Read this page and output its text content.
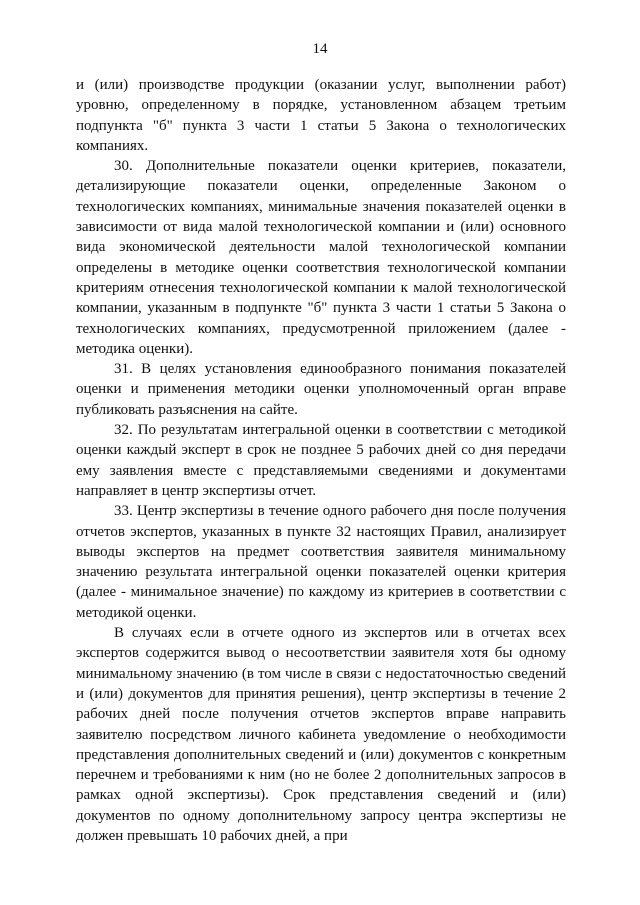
14

и (или) производстве продукции (оказании услуг, выполнении работ) уровню, определенному в порядке, установленном абзацем третьим подпункта "б" пункта 3 части 1 статьи 5 Закона о технологических компаниях.

30. Дополнительные показатели оценки критериев, показатели, детализирующие показатели оценки, определенные Законом о технологических компаниях, минимальные значения показателей оценки в зависимости от вида малой технологической компании и (или) основного вида экономической деятельности малой технологической компании определены в методике оценки соответствия технологической компании критериям отнесения технологической компании к малой технологической компании, указанным в подпункте "б" пункта 3 части 1 статьи 5 Закона о технологических компаниях, предусмотренной приложением (далее - методика оценки).

31. В целях установления единообразного понимания показателей оценки и применения методики оценки уполномоченный орган вправе публиковать разъяснения на сайте.

32. По результатам интегральной оценки в соответствии с методикой оценки каждый эксперт в срок не позднее 5 рабочих дней со дня передачи ему заявления вместе с представляемыми сведениями и документами направляет в центр экспертизы отчет.

33. Центр экспертизы в течение одного рабочего дня после получения отчетов экспертов, указанных в пункте 32 настоящих Правил, анализирует выводы экспертов на предмет соответствия заявителя минимальному значению результата интегральной оценки показателей оценки критерия (далее - минимальное значение) по каждому из критериев в соответствии с методикой оценки.

В случаях если в отчете одного из экспертов или в отчетах всех экспертов содержится вывод о несоответствии заявителя хотя бы одному минимальному значению (в том числе в связи с недостаточностью сведений и (или) документов для принятия решения), центр экспертизы в течение 2 рабочих дней после получения отчетов экспертов вправе направить заявителю посредством личного кабинета уведомление о необходимости представления дополнительных сведений и (или) документов с конкретным перечнем и требованиями к ним (но не более 2 дополнительных запросов в рамках одной экспертизы). Срок представления сведений и (или) документов по одному дополнительному запросу центра экспертизы не должен превышать 10 рабочих дней, а при
